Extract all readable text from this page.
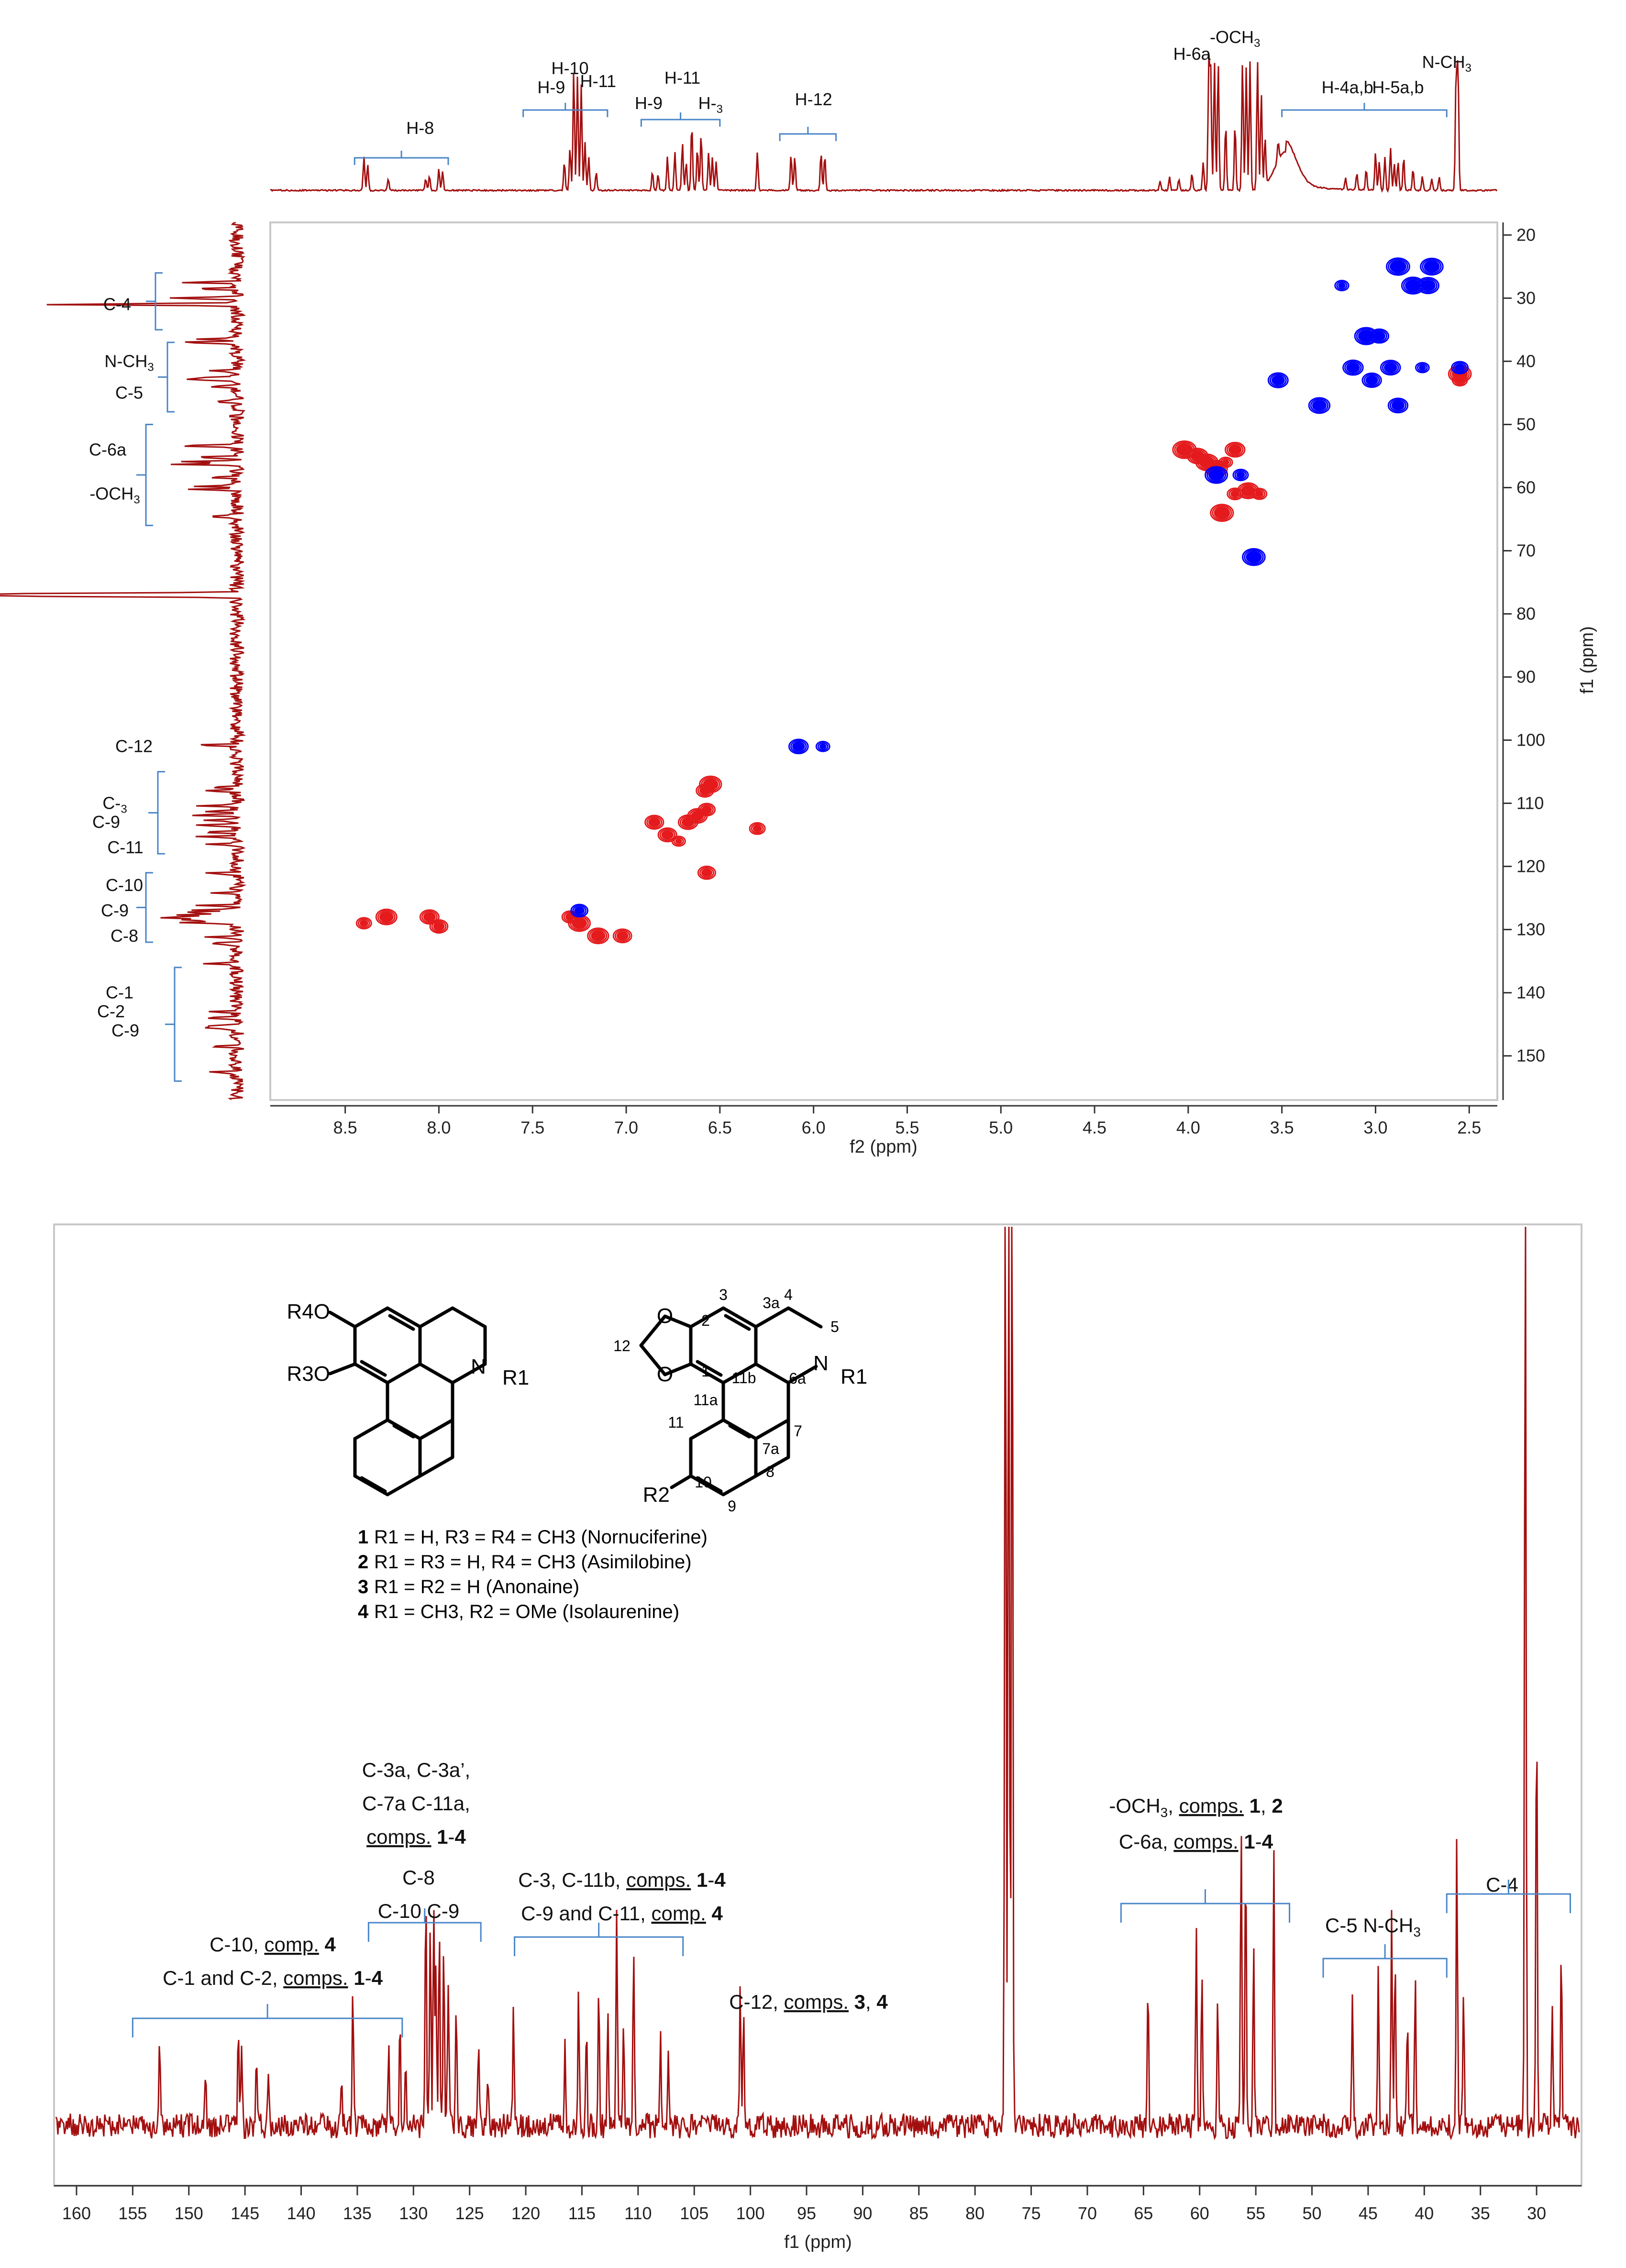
8.5	8.0	7.5	7.0	6.5	6.0	5.5	5.0	4.5	4.0	3.5	3.0	2.5
20
30
40
50
60
70
80
90
100
110
120
130
140
150
H-8
H-10
H-9 H-11	H-11
H-9 $H-_3$
H-12
H-6a
$-OCH_3$
H-4a,b
H-5a,b
$N-CH_3$
C-4
$N-CH_3$
C-5
C-6a
$-OCH_3$
C-12
$C-_3$
C-9
C-11
C-10
C-9
C-8
C-1
C-2
C-9
f2 (ppm)
f1 (ppm)
160 155 150 145 140 135 130 125 120 115 110 105 100 95 90 85 80 75 70 65 60 55 50 45 40 35 30
C-10, comp. 4
C-1 and C-2, comps. 1-4
C-3a, C-3a’,
C-7a C-11a,
comps. 1-4
C-8
C-10 C-9
C-3, C-11b, comps. 1-4
C-9 and C-11, comp. 4
C-12, comps. 3, 4
$-OCH_3$, comps. 1, 2
C-6a, comps. 1-4
C-5 $N-CH_3$
C-4
f1 (ppm)
R4O
R3O	N R1
O
O
3 3a 4
5
2
12
1 11b 6a
N
R1
11a
7
11
7a
R2
10
8
9
1 R1 = H, R3 = R4 = CH3 (Nornuciferine)
2 R1 = R3 = H, R4 = CH3 (Asimilobine)
3 R1 = R2 = H (Anonaine)
4 R1 = CH3, R2 = OMe (Isolaurenine)
